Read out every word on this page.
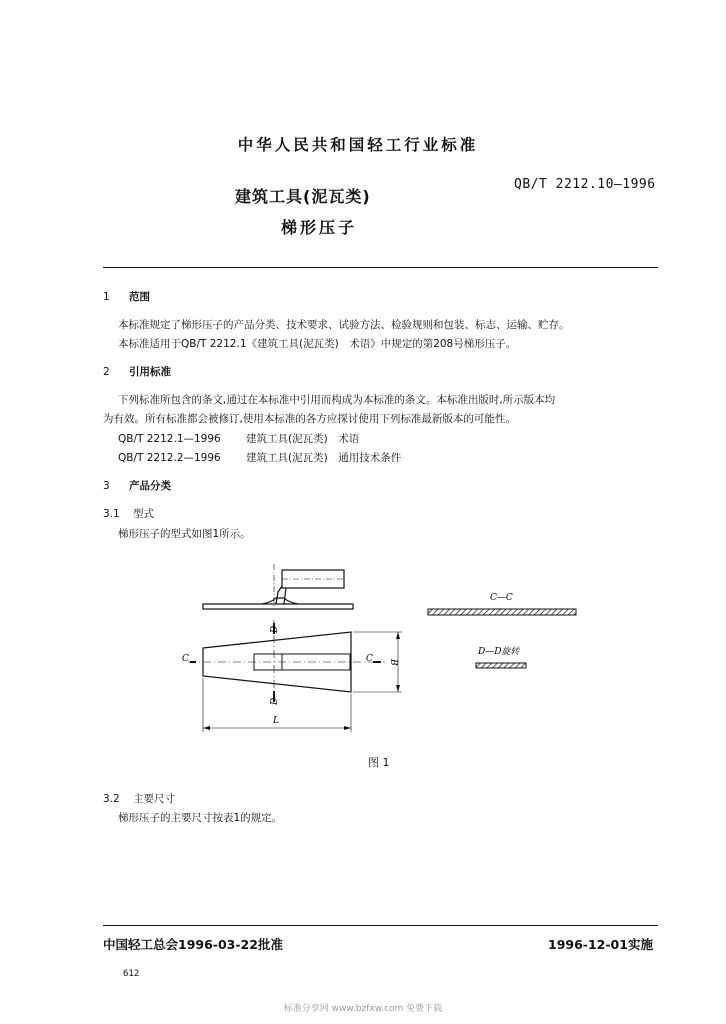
中华人民共和国轻工行业标准
建筑工具(泥瓦类)
梯形压子
QB/T 2212.10—1996
1 范围
本标准规定了梯形压子的产品分类、技术要求、试验方法、检验规则和包装、标志、运输、贮存。
本标准适用于QB/T 2212.1《建筑工具(泥瓦类)　术语》中规定的第208号梯形压子。
2 引用标准
下列标准所包含的条文,通过在本标准中引用而构成为本标准的条文。本标准出版时,所示版本均
为有效。所有标准都会被修订,使用本标准的各方应探讨使用下列标准最新版本的可能性。
QB/T 2212.1—1996 建筑工具(泥瓦类)　术语
QB/T 2212.2—1996 建筑工具(泥瓦类)　通用技术条件
3 产品分类
3.1 型式
梯形压子的型式如图1所示。
C—C
D—D旋转
C	C
D
D
B
L
图 1
3.2 主要尺寸
梯形压子的主要尺寸按表1的规定。
中国轻工总会1996-03-22批准	1996-12-01实施
612
标准分享网 www.bzfxw.com 免费下载
